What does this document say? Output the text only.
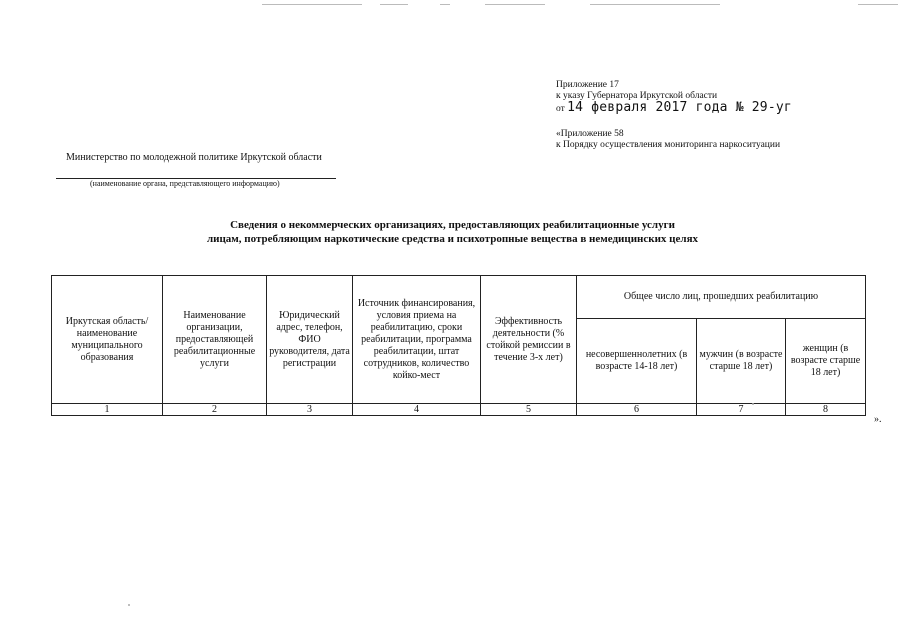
Приложение 17
к указу Губернатора Иркутской области
от 14 февраля 2017 года № 29-уг
«Приложение 58
к Порядку осуществления мониторинга наркоситуации
Министерство по молодежной политике Иркутской области
(наименование органа, представляющего информацию)
Сведения о некоммерческих организациях, предоставляющих реабилитационные услуги
лицам, потребляющим наркотические средства и психотропные вещества в немедицинских целях
Иркутская область/ наименование муниципального образования	Наименование организации, предоставляющей реабилитационные услуги	Юридический адрес, телефон, ФИО руководителя, дата регистрации	Источник финансирования, условия приема на реабилитацию, сроки реабилитации, программа реабилитации, штат сотрудников, количество койко-мест	Эффективность деятельности (% стойкой ремиссии в течение 3-х лет)	Общее число лиц, прошедших реабилитацию		
					несовершеннолетних (в возрасте 14-18 лет)	мужчин (в возрасте старше 18 лет)	женщин (в возрасте старше 18 лет)
1	2	3	4	5	6	7	8
».
